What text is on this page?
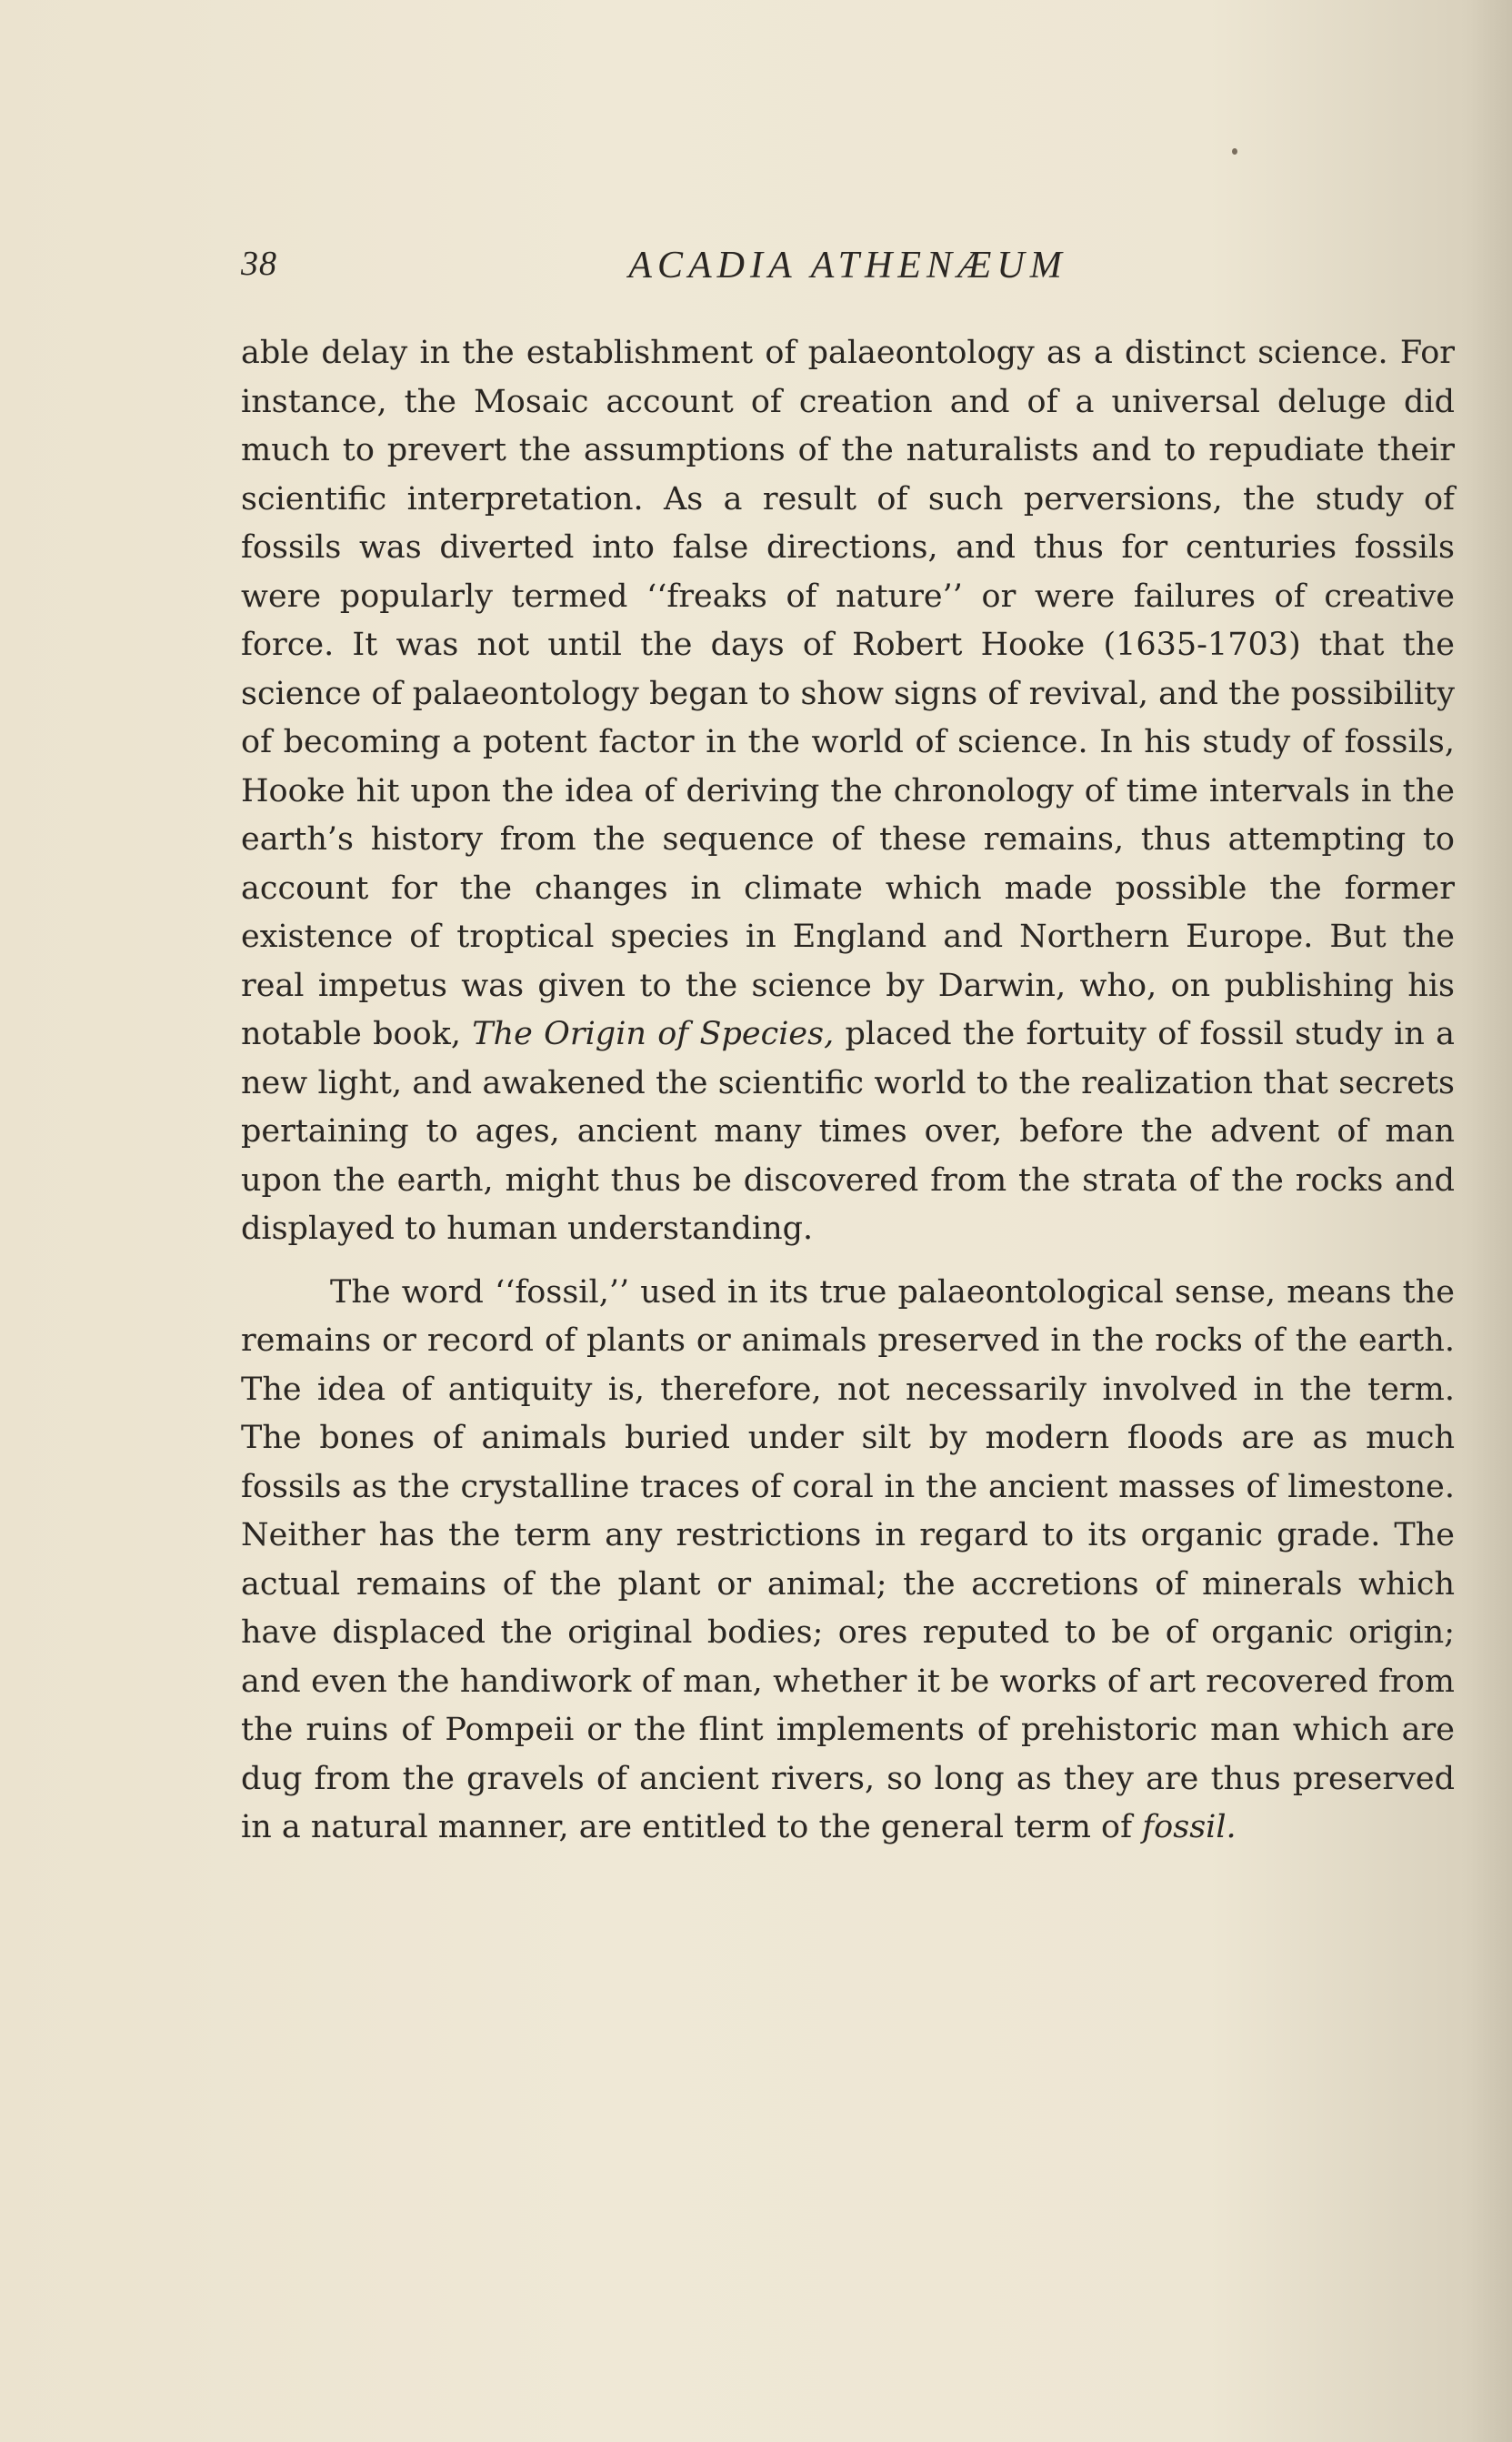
38	ACADIA ATHENÆUM

able delay in the establishment of palaeontology as a distinct science. For instance, the Mosaic account of creation and of a universal deluge did much to prevert the assumptions of the naturalists and to repudiate their scientific interpretation. As a result of such perversions, the study of fossils was diverted into false directions, and thus for centuries fossils were popularly termed ‘‘freaks of nature’’ or were failures of creative force. It was not until the days of Robert Hooke (1635-1703) that the science of palaeontology began to show signs of revival, and the possibility of becoming a potent factor in the world of science. In his study of fossils, Hooke hit upon the idea of deriving the chronology of time intervals in the earth’s history from the sequence of these remains, thus attempting to account for the changes in climate which made possible the former existence of troptical species in England and Northern Europe. But the real impetus was given to the science by Darwin, who, on publishing his notable book, The Origin of Species, placed the fortuity of fossil study in a new light, and awakened the scientific world to the realization that secrets pertaining to ages, ancient many times over, before the advent of man upon the earth, might thus be discovered from the strata of the rocks and displayed to human understanding.

The word ‘‘fossil,’’ used in its true palaeontological sense, means the remains or record of plants or animals preserved in the rocks of the earth. The idea of antiquity is, therefore, not necessarily involved in the term. The bones of animals buried under silt by modern floods are as much fossils as the crystalline traces of coral in the ancient masses of limestone. Neither has the term any restrictions in regard to its organic grade. The actual remains of the plant or animal; the accretions of minerals which have displaced the original bodies; ores reputed to be of organic origin; and even the handiwork of man, whether it be works of art recovered from the ruins of Pompeii or the flint implements of prehistoric man which are dug from the gravels of ancient rivers, so long as they are thus preserved in a natural manner, are entitled to the general term of fossil.
